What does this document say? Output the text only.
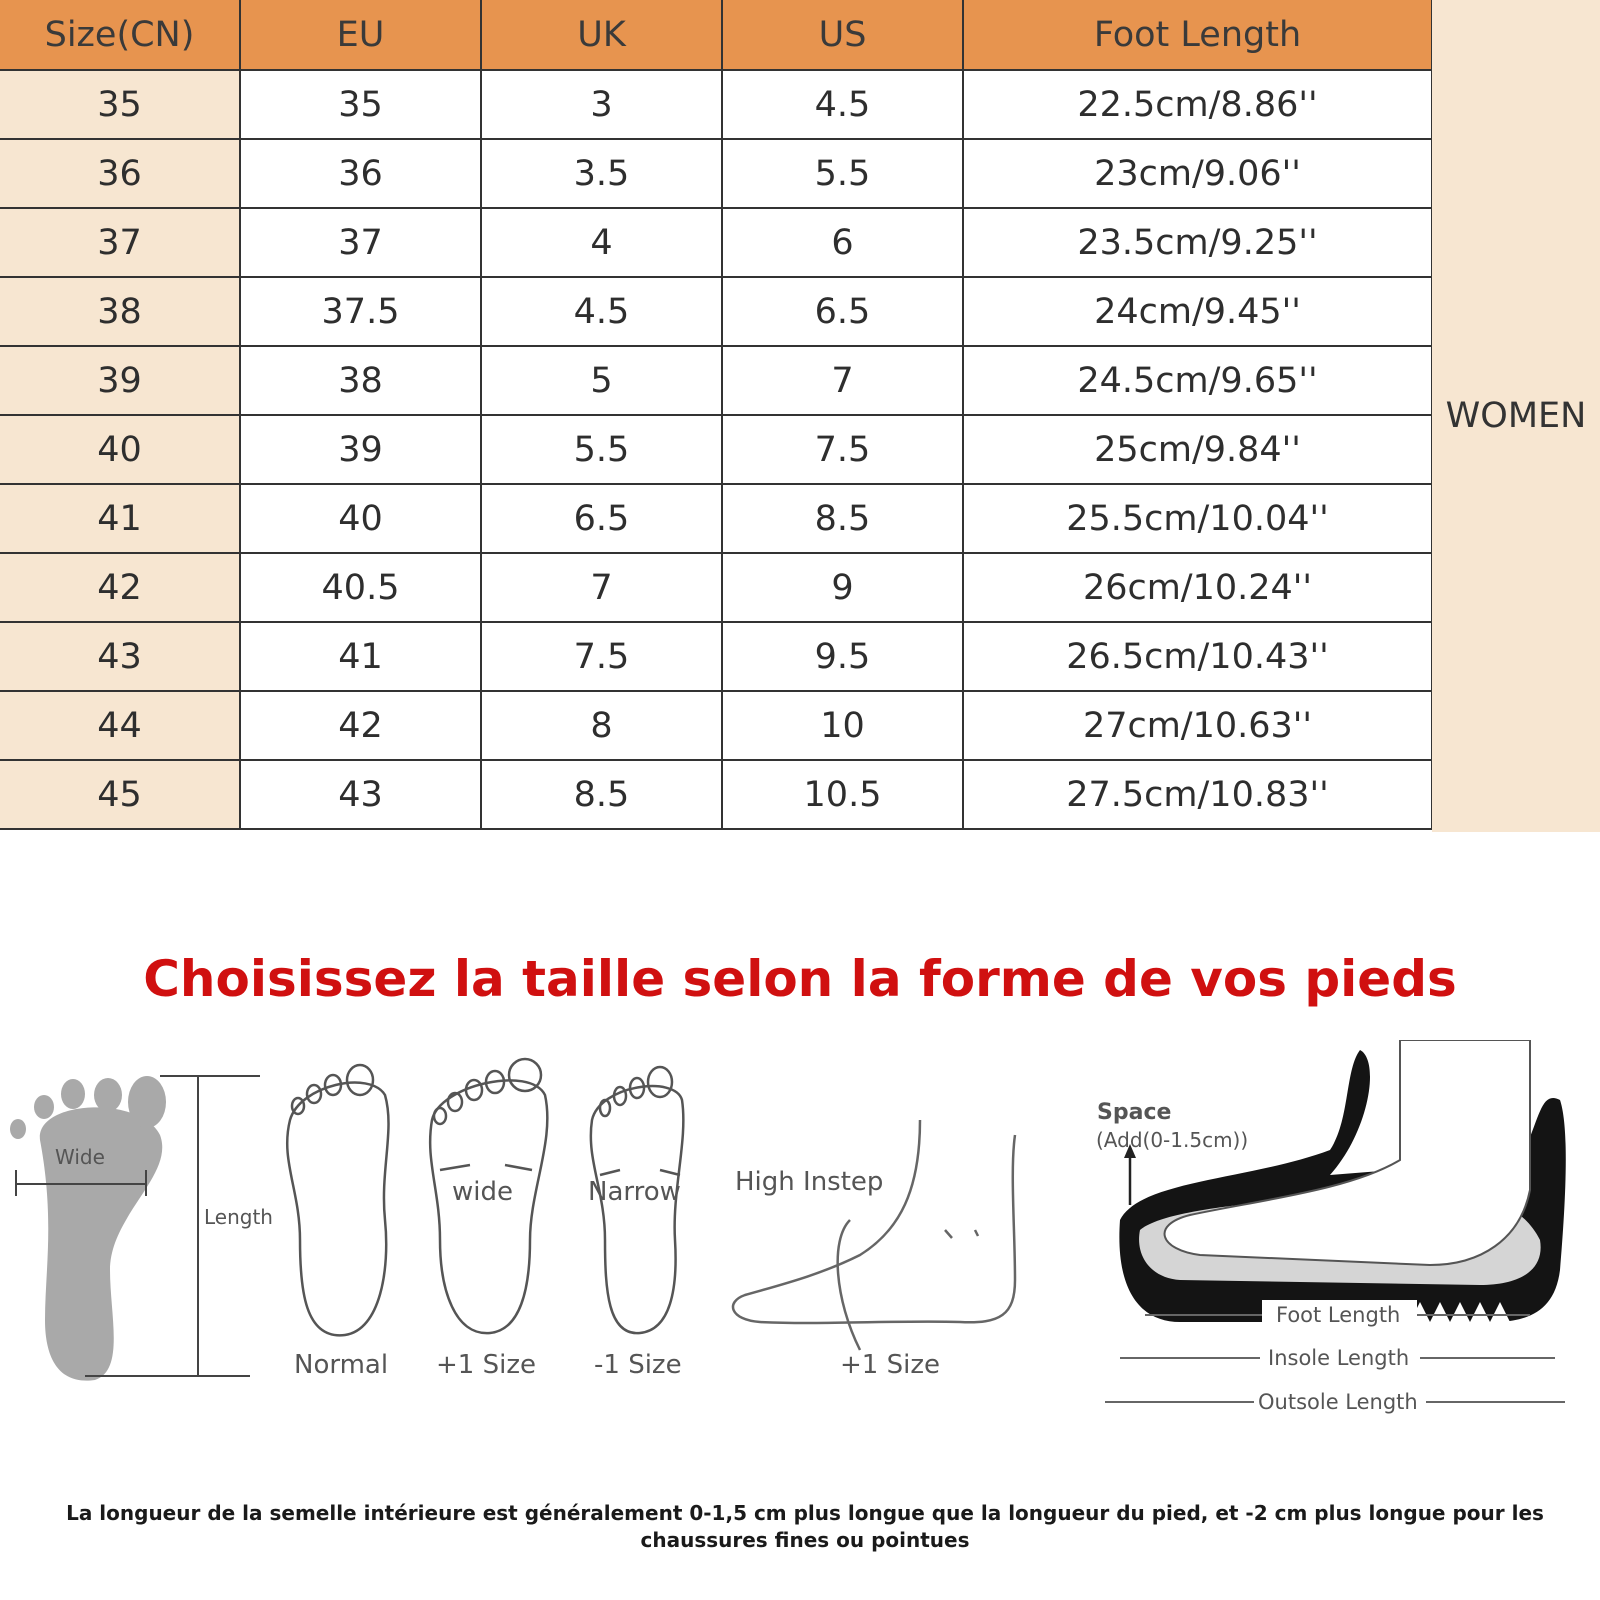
Size(CN)	EU	UK	US	Foot Length
35	35	3	4.5	22.5cm/8.86''
36	36	3.5	5.5	23cm/9.06''
37	37	4	6	23.5cm/9.25''
38	37.5	4.5	6.5	24cm/9.45''
39	38	5	7	24.5cm/9.65''
40	39	5.5	7.5	25cm/9.84''
41	40	6.5	8.5	25.5cm/10.04''
42	40.5	7	9	26cm/10.24''
43	41	7.5	9.5	26.5cm/10.43''
44	42	8	10	27cm/10.63''
45	43	8.5	10.5	27.5cm/10.83''
WOMEN
Choisissez la taille selon la forme de vos pieds
Wide
Length
Normal
wide
+1 Size
Narrow
-1 Size
High Instep
+1 Size
Space
(Add(0-1.5cm))
Foot Length
Insole Length
Outsole Length
La longueur de la semelle intérieure est généralement 0-1,5 cm plus longue que la longueur du pied, et -2 cm plus longue pour les chaussures fines ou pointues
